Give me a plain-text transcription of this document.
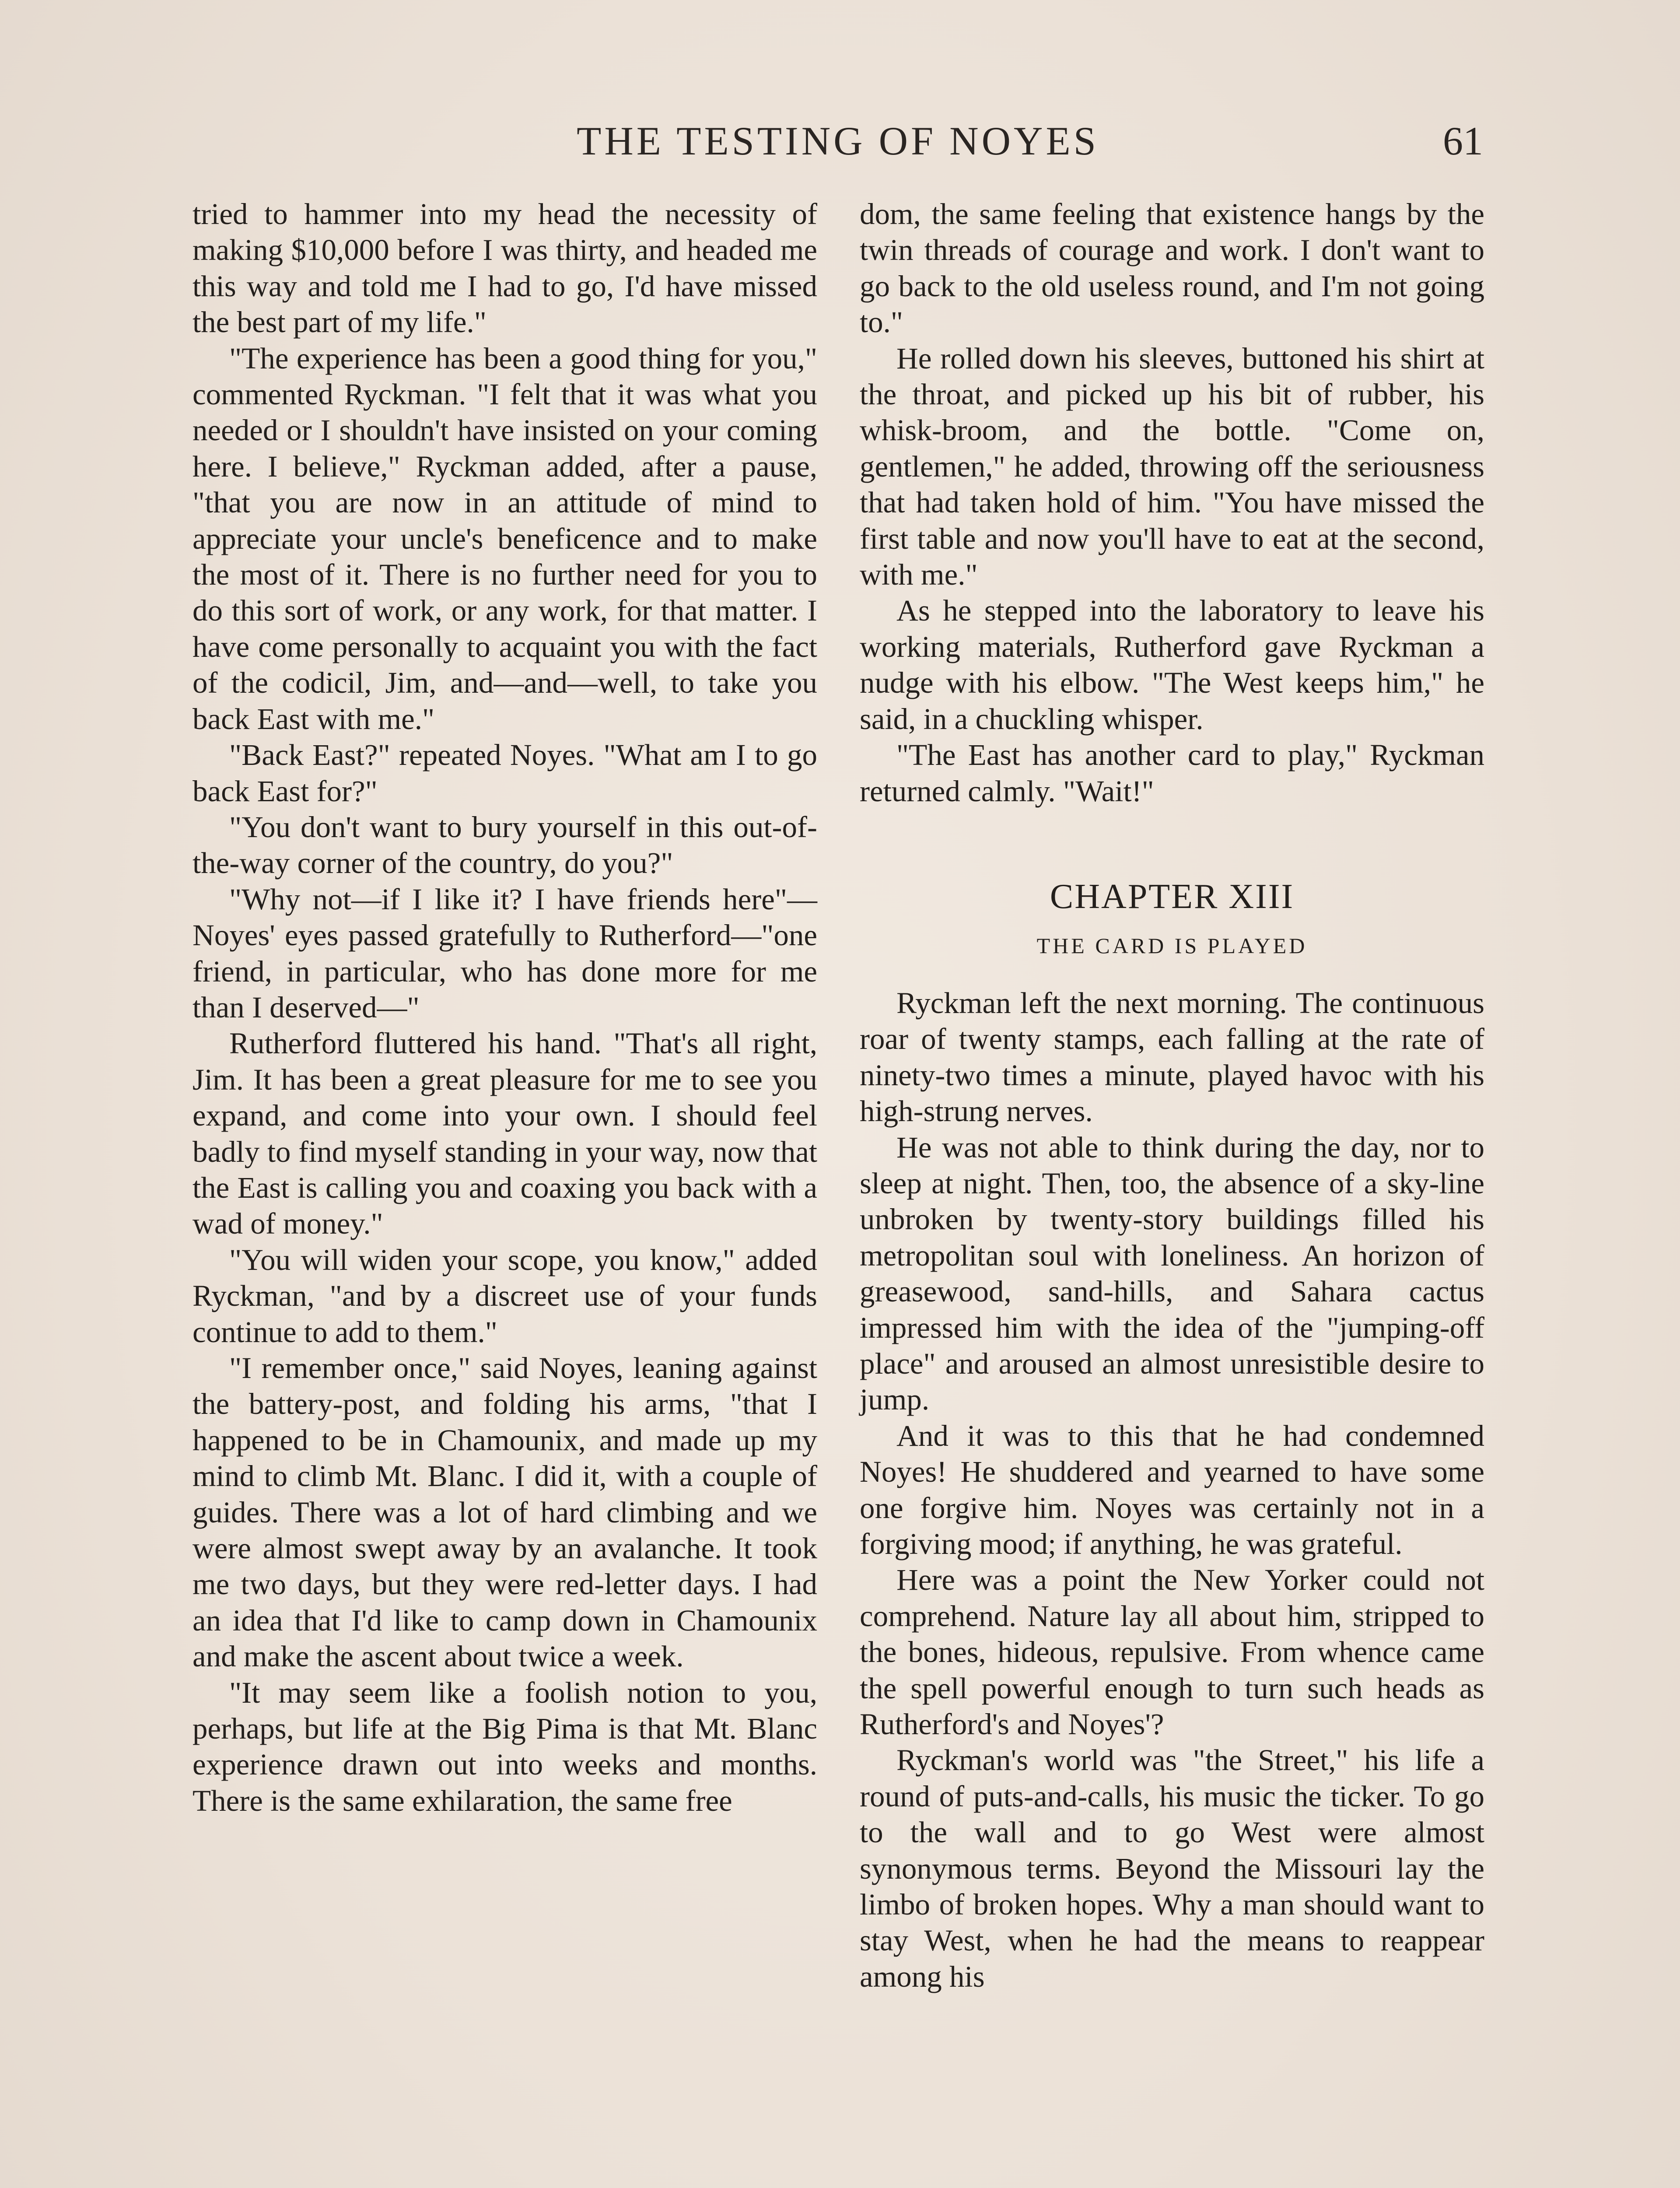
THE TESTING OF NOYES	61

tried to hammer into my head the necessity of making $10,000 before I was thirty, and headed me this way and told me I had to go, I'd have missed the best part of my life."

"The experience has been a good thing for you," commented Ryckman. "I felt that it was what you needed or I shouldn't have insisted on your coming here. I believe," Ryckman added, after a pause, "that you are now in an attitude of mind to appreciate your uncle's beneficence and to make the most of it. There is no further need for you to do this sort of work, or any work, for that matter. I have come personally to acquaint you with the fact of the codicil, Jim, and—and—well, to take you back East with me."

"Back East?" repeated Noyes. "What am I to go back East for?"

"You don't want to bury yourself in this out-of-the-way corner of the country, do you?"

"Why not—if I like it? I have friends here"—Noyes' eyes passed gratefully to Rutherford—"one friend, in particular, who has done more for me than I deserved—"

Rutherford fluttered his hand. "That's all right, Jim. It has been a great pleasure for me to see you expand, and come into your own. I should feel badly to find myself standing in your way, now that the East is calling you and coaxing you back with a wad of money."

"You will widen your scope, you know," added Ryckman, "and by a discreet use of your funds continue to add to them."

"I remember once," said Noyes, leaning against the battery-post, and folding his arms, "that I happened to be in Chamounix, and made up my mind to climb Mt. Blanc. I did it, with a couple of guides. There was a lot of hard climbing and we were almost swept away by an avalanche. It took me two days, but they were red-letter days. I had an idea that I'd like to camp down in Chamounix and make the ascent about twice a week.

"It may seem like a foolish notion to you, perhaps, but life at the Big Pima is that Mt. Blanc experience drawn out into weeks and months. There is the same exhilaration, the same free

dom, the same feeling that existence hangs by the twin threads of courage and work. I don't want to go back to the old useless round, and I'm not going to."

He rolled down his sleeves, buttoned his shirt at the throat, and picked up his bit of rubber, his whisk-broom, and the bottle. "Come on, gentlemen," he added, throwing off the seriousness that had taken hold of him. "You have missed the first table and now you'll have to eat at the second, with me."

As he stepped into the laboratory to leave his working materials, Rutherford gave Ryckman a nudge with his elbow. "The West keeps him," he said, in a chuckling whisper.

"The East has another card to play," Ryckman returned calmly. "Wait!"

CHAPTER XIII
THE CARD IS PLAYED

Ryckman left the next morning. The continuous roar of twenty stamps, each falling at the rate of ninety-two times a minute, played havoc with his high-strung nerves.

He was not able to think during the day, nor to sleep at night. Then, too, the absence of a sky-line unbroken by twenty-story buildings filled his metropolitan soul with loneliness. An horizon of greasewood, sand-hills, and Sahara cactus impressed him with the idea of the "jumping-off place" and aroused an almost unresistible desire to jump.

And it was to this that he had condemned Noyes! He shuddered and yearned to have some one forgive him. Noyes was certainly not in a forgiving mood; if anything, he was grateful.

Here was a point the New Yorker could not comprehend. Nature lay all about him, stripped to the bones, hideous, repulsive. From whence came the spell powerful enough to turn such heads as Rutherford's and Noyes'?

Ryckman's world was "the Street," his life a round of puts-and-calls, his music the ticker. To go to the wall and to go West were almost synonymous terms. Beyond the Missouri lay the limbo of broken hopes. Why a man should want to stay West, when he had the means to reappear among his
